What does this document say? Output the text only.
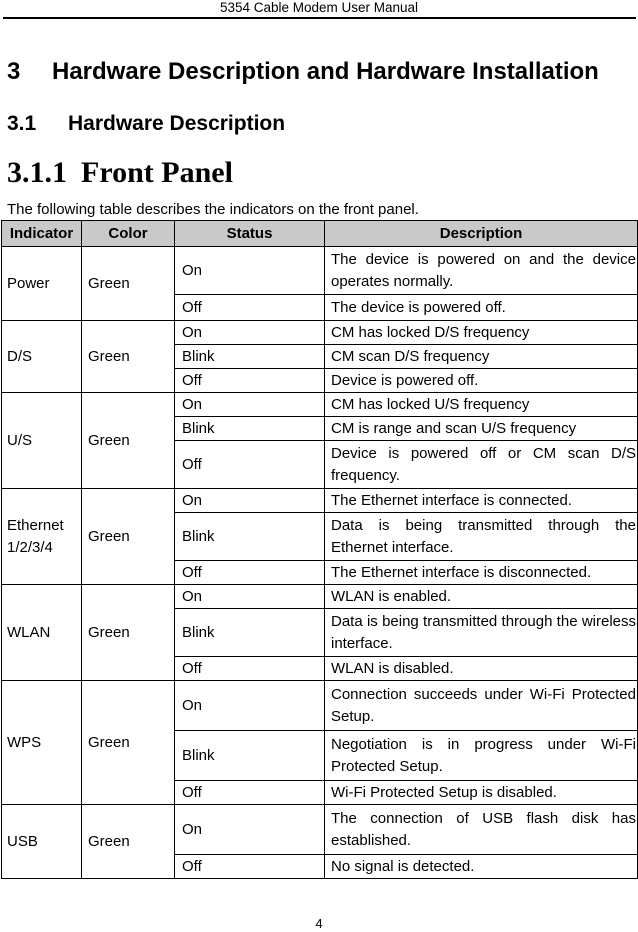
5354 Cable Modem User Manual
3 Hardware Description and Hardware Installation
3.1 Hardware Description
3.1.1 Front Panel
The following table describes the indicators on the front panel.
Indicator	Color	Status	Description
Power	Green	On	The device is powered on and the device operates normally.
		Off	The device is powered off.
D/S	Green	On	CM has locked D/S frequency
		Blink	CM scan D/S frequency
		Off	Device is powered off.
U/S	Green	On	CM has locked U/S frequency
		Blink	CM is range and scan U/S frequency
		Off	Device is powered off or CM scan D/S frequency.
Ethernet 1/2/3/4	Green	On	The Ethernet interface is connected.
		Blink	Data is being transmitted through the Ethernet interface.
		Off	The Ethernet interface is disconnected.
WLAN	Green	On	WLAN is enabled.
		Blink	Data is being transmitted through the wireless interface.
		Off	WLAN is disabled.
WPS	Green	On	Connection succeeds under Wi-Fi Protected Setup.
		Blink	Negotiation is in progress under Wi-Fi Protected Setup.
		Off	Wi-Fi Protected Setup is disabled.
USB	Green	On	The connection of USB flash disk has established.
		Off	No signal is detected.
4
